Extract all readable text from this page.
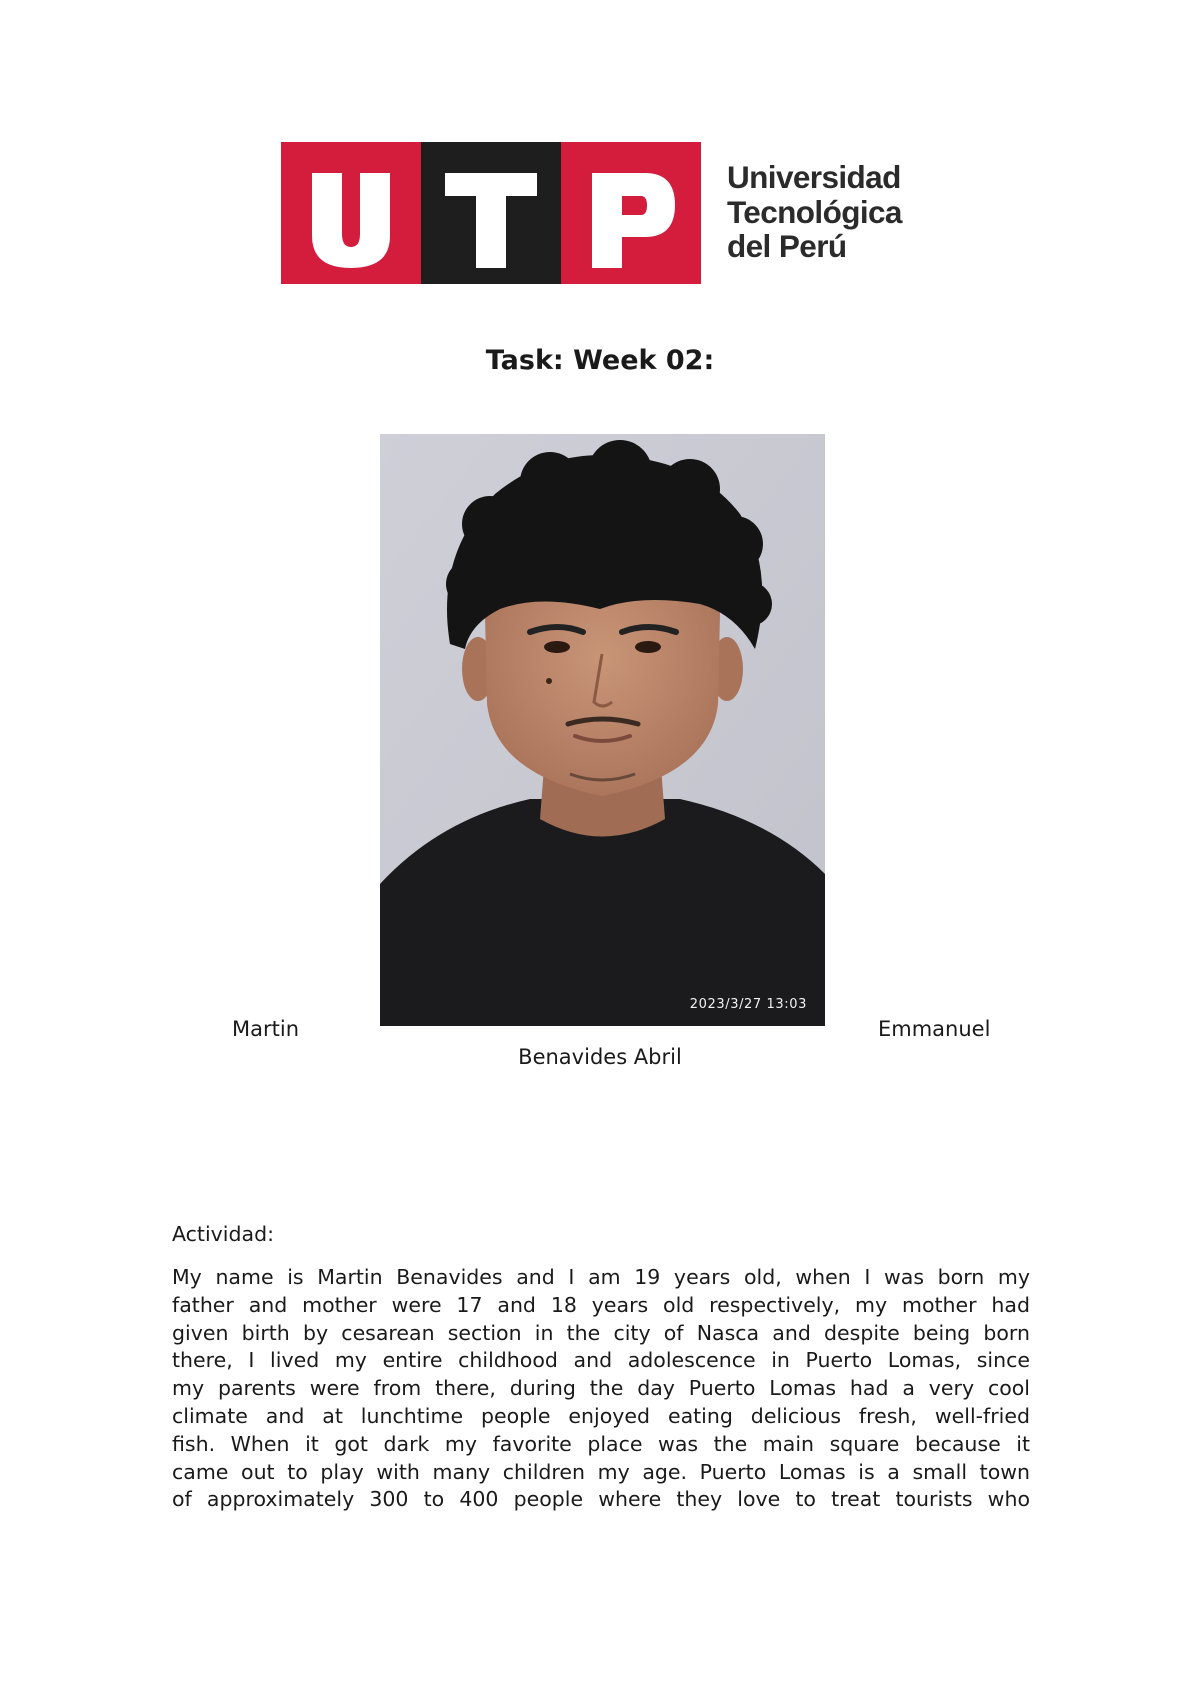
Universidad
Tecnológica
del Perú
Task: Week 02:
2023/3/27 13:03
Martin	Emmanuel
Benavides Abril
Actividad:
My name is Martin Benavides and I am 19 years old, when I was born my
father and mother were 17 and 18 years old respectively, my mother had
given birth by cesarean section in the city of Nasca and despite being born
there, I lived my entire childhood and adolescence in Puerto Lomas, since
my parents were from there, during the day Puerto Lomas had a very cool
climate and at lunchtime people enjoyed eating delicious fresh, well-fried
fish. When it got dark my favorite place was the main square because it
came out to play with many children my age. Puerto Lomas is a small town
of approximately 300 to 400 people where they love to treat tourists who
